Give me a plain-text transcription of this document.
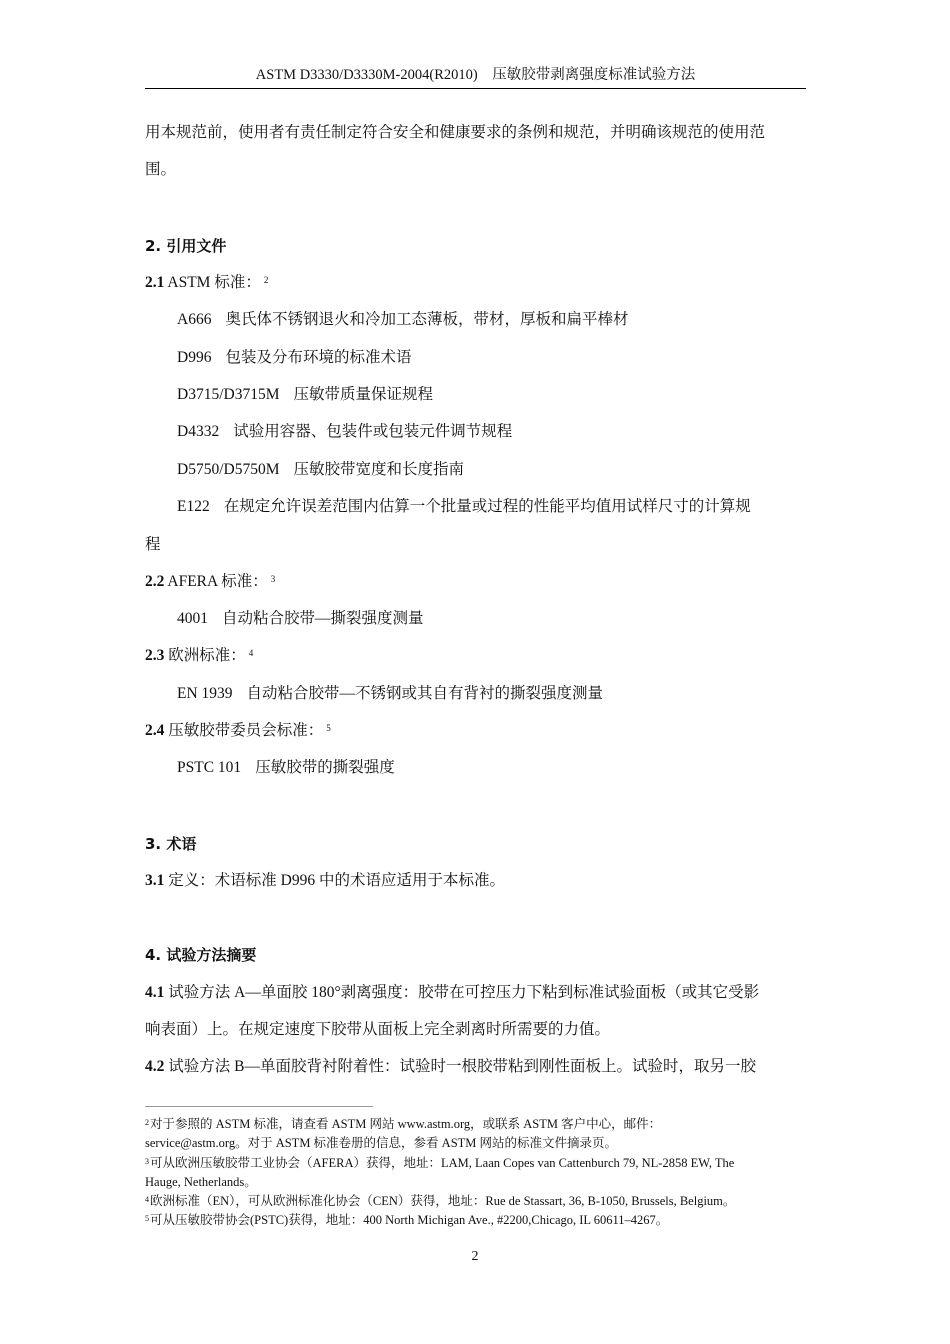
ASTM D3330/D3330M-2004(R2010)　压敏胶带剥离强度标准试验方法
用本规范前，使用者有责任制定符合安全和健康要求的条例和规范，并明确该规范的使用范
围。
2. 引用文件
2.1 ASTM 标准： $^2$
A666 奥氏体不锈钢退火和冷加工态薄板，带材，厚板和扁平棒材
D996 包装及分布环境的标准术语
D3715/D3715M 压敏带质量保证规程
D4332 试验用容器、包装件或包装元件调节规程
D5750/D5750M 压敏胶带宽度和长度指南
E122 在规定允许误差范围内估算一个批量或过程的性能平均值用试样尺寸的计算规
程
2.2 AFERA 标准： $^3$
4001 自动粘合胶带—撕裂强度测量
2.3 欧洲标准： $^4$
EN 1939 自动粘合胶带—不锈钢或其自有背衬的撕裂强度测量
2.4 压敏胶带委员会标准： $^5$
PSTC 101 压敏胶带的撕裂强度
3. 术语
3.1 定义：术语标准 D996 中的术语应适用于本标准。
4. 试验方法摘要
4.1 试验方法 A—单面胶 180°剥离强度：胶带在可控压力下粘到标准试验面板（或其它受影
响表面）上。在规定速度下胶带从面板上完全剥离时所需要的力值。
4.2 试验方法 B—单面胶背衬附着性：试验时一根胶带粘到刚性面板上。试验时，取另一胶
$^2$对于参照的 ASTM 标准，请查看 ASTM 网站 www.astm.org，或联系 ASTM 客户中心，邮件：
service@astm.org。对于 ASTM 标准卷册的信息，参看 ASTM 网站的标准文件摘录页。
$^3$可从欧洲压敏胶带工业协会（AFERA）获得，地址：LAM, Laan Copes van Cattenburch 79, NL-2858 EW, The
Hauge, Netherlands。
$^4$欧洲标准（EN），可从欧洲标准化协会（CEN）获得，地址：Rue de Stassart, 36, B-1050, Brussels, Belgium。
$^5$可从压敏胶带协会(PSTC)获得，地址：400 North Michigan Ave., #2200,Chicago, IL 60611–4267。
2
